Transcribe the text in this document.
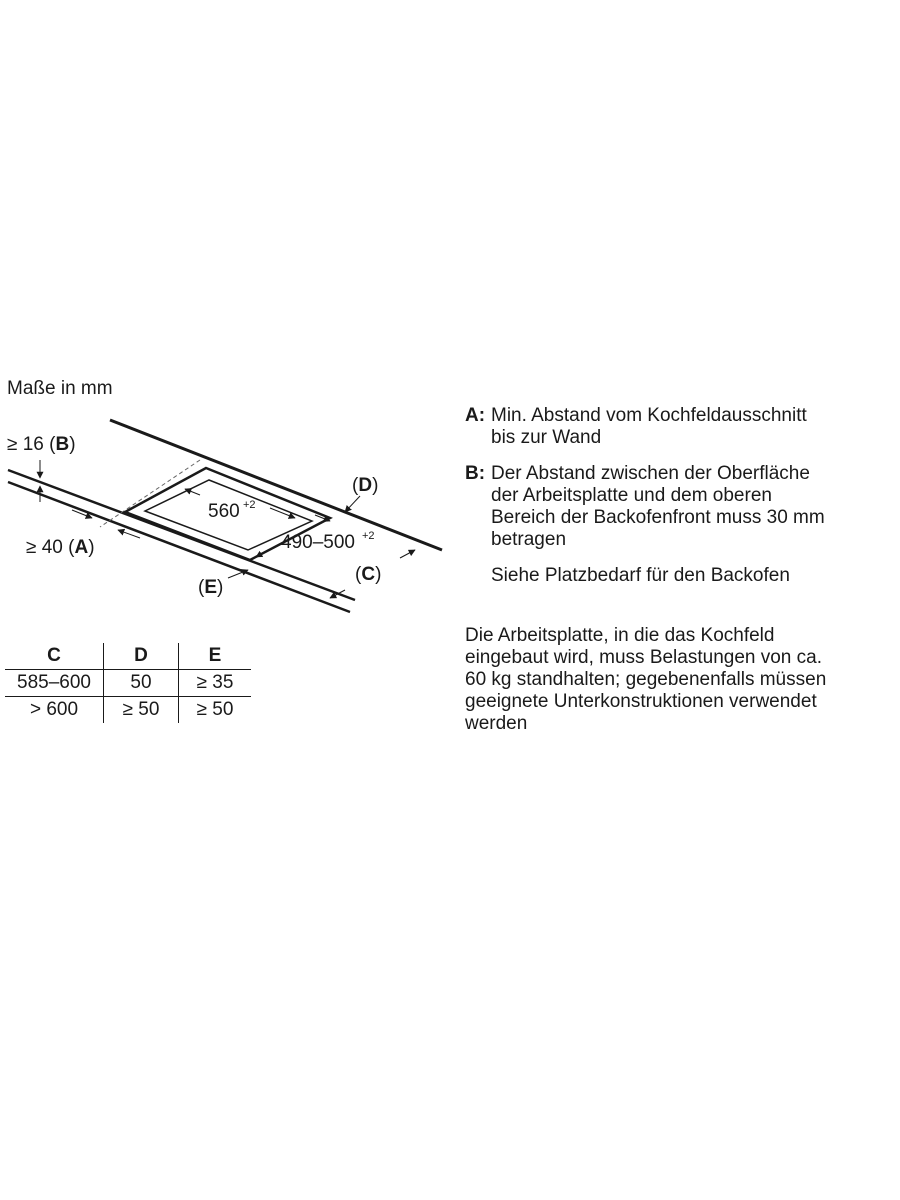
Maße in mm
560 +2
490–500 +2
(D)
(C)
(E)
≥ 16 (B)
≥ 40 (A)
C	D	E
585–600	50	≥ 35
> 600	≥ 50	≥ 50
A: Min. Abstand vom Kochfeldausschnitt
bis zur Wand
B: Der Abstand zwischen der Oberfläche
der Arbeitsplatte und dem oberen
Bereich der Backofenfront muss 30 mm
betragen
Siehe Platzbedarf für den Backofen
Die Arbeitsplatte, in die das Kochfeld
eingebaut wird, muss Belastungen von ca.
60 kg standhalten; gegebenenfalls müssen
geeignete Unterkonstruktionen verwendet
werden
